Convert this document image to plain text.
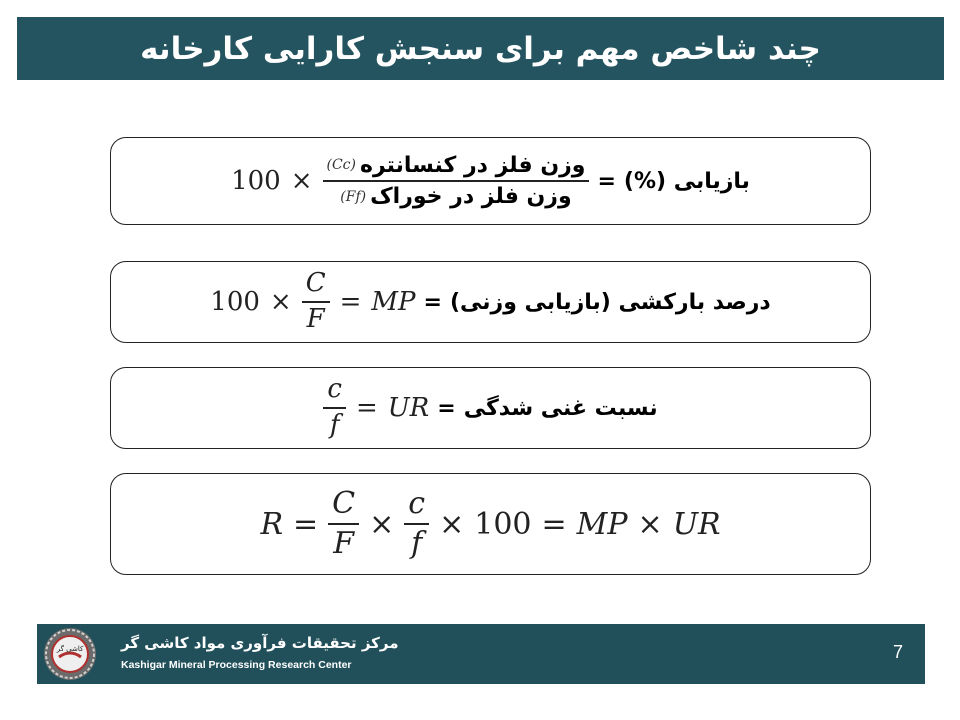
چند شاخص مهم برای سنجش کارایی کارخانه
$100 \times \frac{\text{(Cc) وزن فلز در کنسانتره}}{\text{(Ff) وزن فلز در خوراک}}$ = بازیابی (%)
$100 \times \frac{C}{F}$ = MP = درصد بارکشی (بازیابی وزنی)
$\frac{c}{f}$ = UR = نسبت غنی شدگی
$R = \frac{C}{F} \times \frac{c}{f} \times 100$ = MP × UR
کاشی گر	مرکز تحقیقات فرآوری مواد کاشی گر
Kashigar Mineral Processing Research Center
7
